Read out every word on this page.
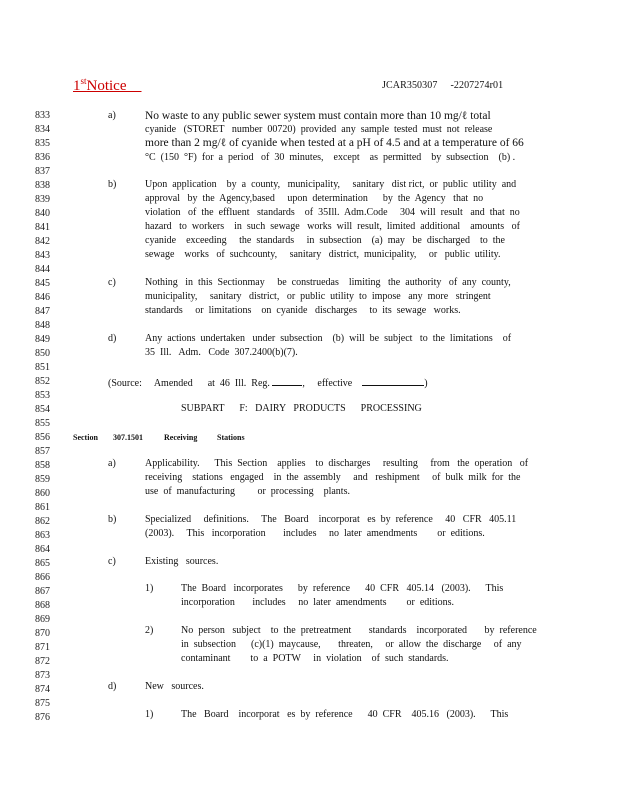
1stNotice	JCAR350307     -2207274r01
833
834
835
836
837
838
839
840
841
842
843
844
845
846
847
848
849
850
851
852
853
854
855
856
857
858
859
860
861
862
863
864
865
866
867
868
869
870
871
872
873
874
875
876
a)	No waste to any public sewer system must contain more than 10 mg/ℓ total
cyanide   (STORET   number  00720)  provided  any  sample  tested  must  not  release
more than 2 mg/ℓ of cyanide when tested at a pH of 4.5 and at a temperature of 66
°C  (150  °F)  for  a  period   of  30  minutes,    except    as  permitted    by  subsection    (b) .
b)	Upon  application    by  a  county,   municipality,     sanitary   dist rict,  or  public  utility  and
approval   by  the  Agency,based     upon  determination      by  the  Agency   that  no
violation   of  the  effluent   standards    of  35Ill.  Adm.Code     304  will  result   and  that  no
hazard   to  workers    in  such  sewage   works  will  result,  limited  additional    amounts   of
cyanide    exceeding     the  standards     in  subsection    (a)  may   be  discharged    to  the
sewage    works   of  suchcounty,     sanitary   district,  municipality,     or   public  utility.
c)	Nothing   in  this  Sectionmay     be  construedas    limiting   the  authority   of  any  county,
municipality,     sanitary   district,   or  public  utility  to  impose   any  more   stringent
standards     or  limitations    on  cyanide   discharges     to  its  sewage   works.
d)	Any  actions  undertaken   under  subsection    (b)  will  be  subject   to  the  limitations    of
35  Ill.   Adm.   Code  307.2400(b)(7).
(Source:     Amended      at  46  Ill.  Reg.	,     effective	)
SUBPART      F:   DAIRY   PRODUCTS      PROCESSING
Section 307.1501	Receiving Stations
a)	Applicability.      This  Section    applies    to  discharges     resulting     from   the  operation   of
receiving    stations   engaged    in  the  assembly     and   reshipment     of  bulk  milk  for  the
use  of  manufacturing         or  processing    plants.
b)	Specialized     definitions.     The   Board    incorporat   es  by  reference     40   CFR   405.11
(2003).     This   incorporation       includes     no  later  amendments        or  editions.
c)	Existing   sources.
1)	The  Board   incorporates      by  reference      40  CFR   405.14   (2003).      This
incorporation       includes     no  later  amendments        or  editions.
2)	No  person   subject    to  the  pretreatment       standards    incorporated       by  reference
in  subsection      (c)(1)  maycause,       threaten,     or  allow  the  discharge     of  any
contaminant        to  a  POTW     in  violation    of  such  standards.
d)	New   sources.
1)	The   Board    incorporat   es  by  reference      40  CFR    405.16   (2003).      This
